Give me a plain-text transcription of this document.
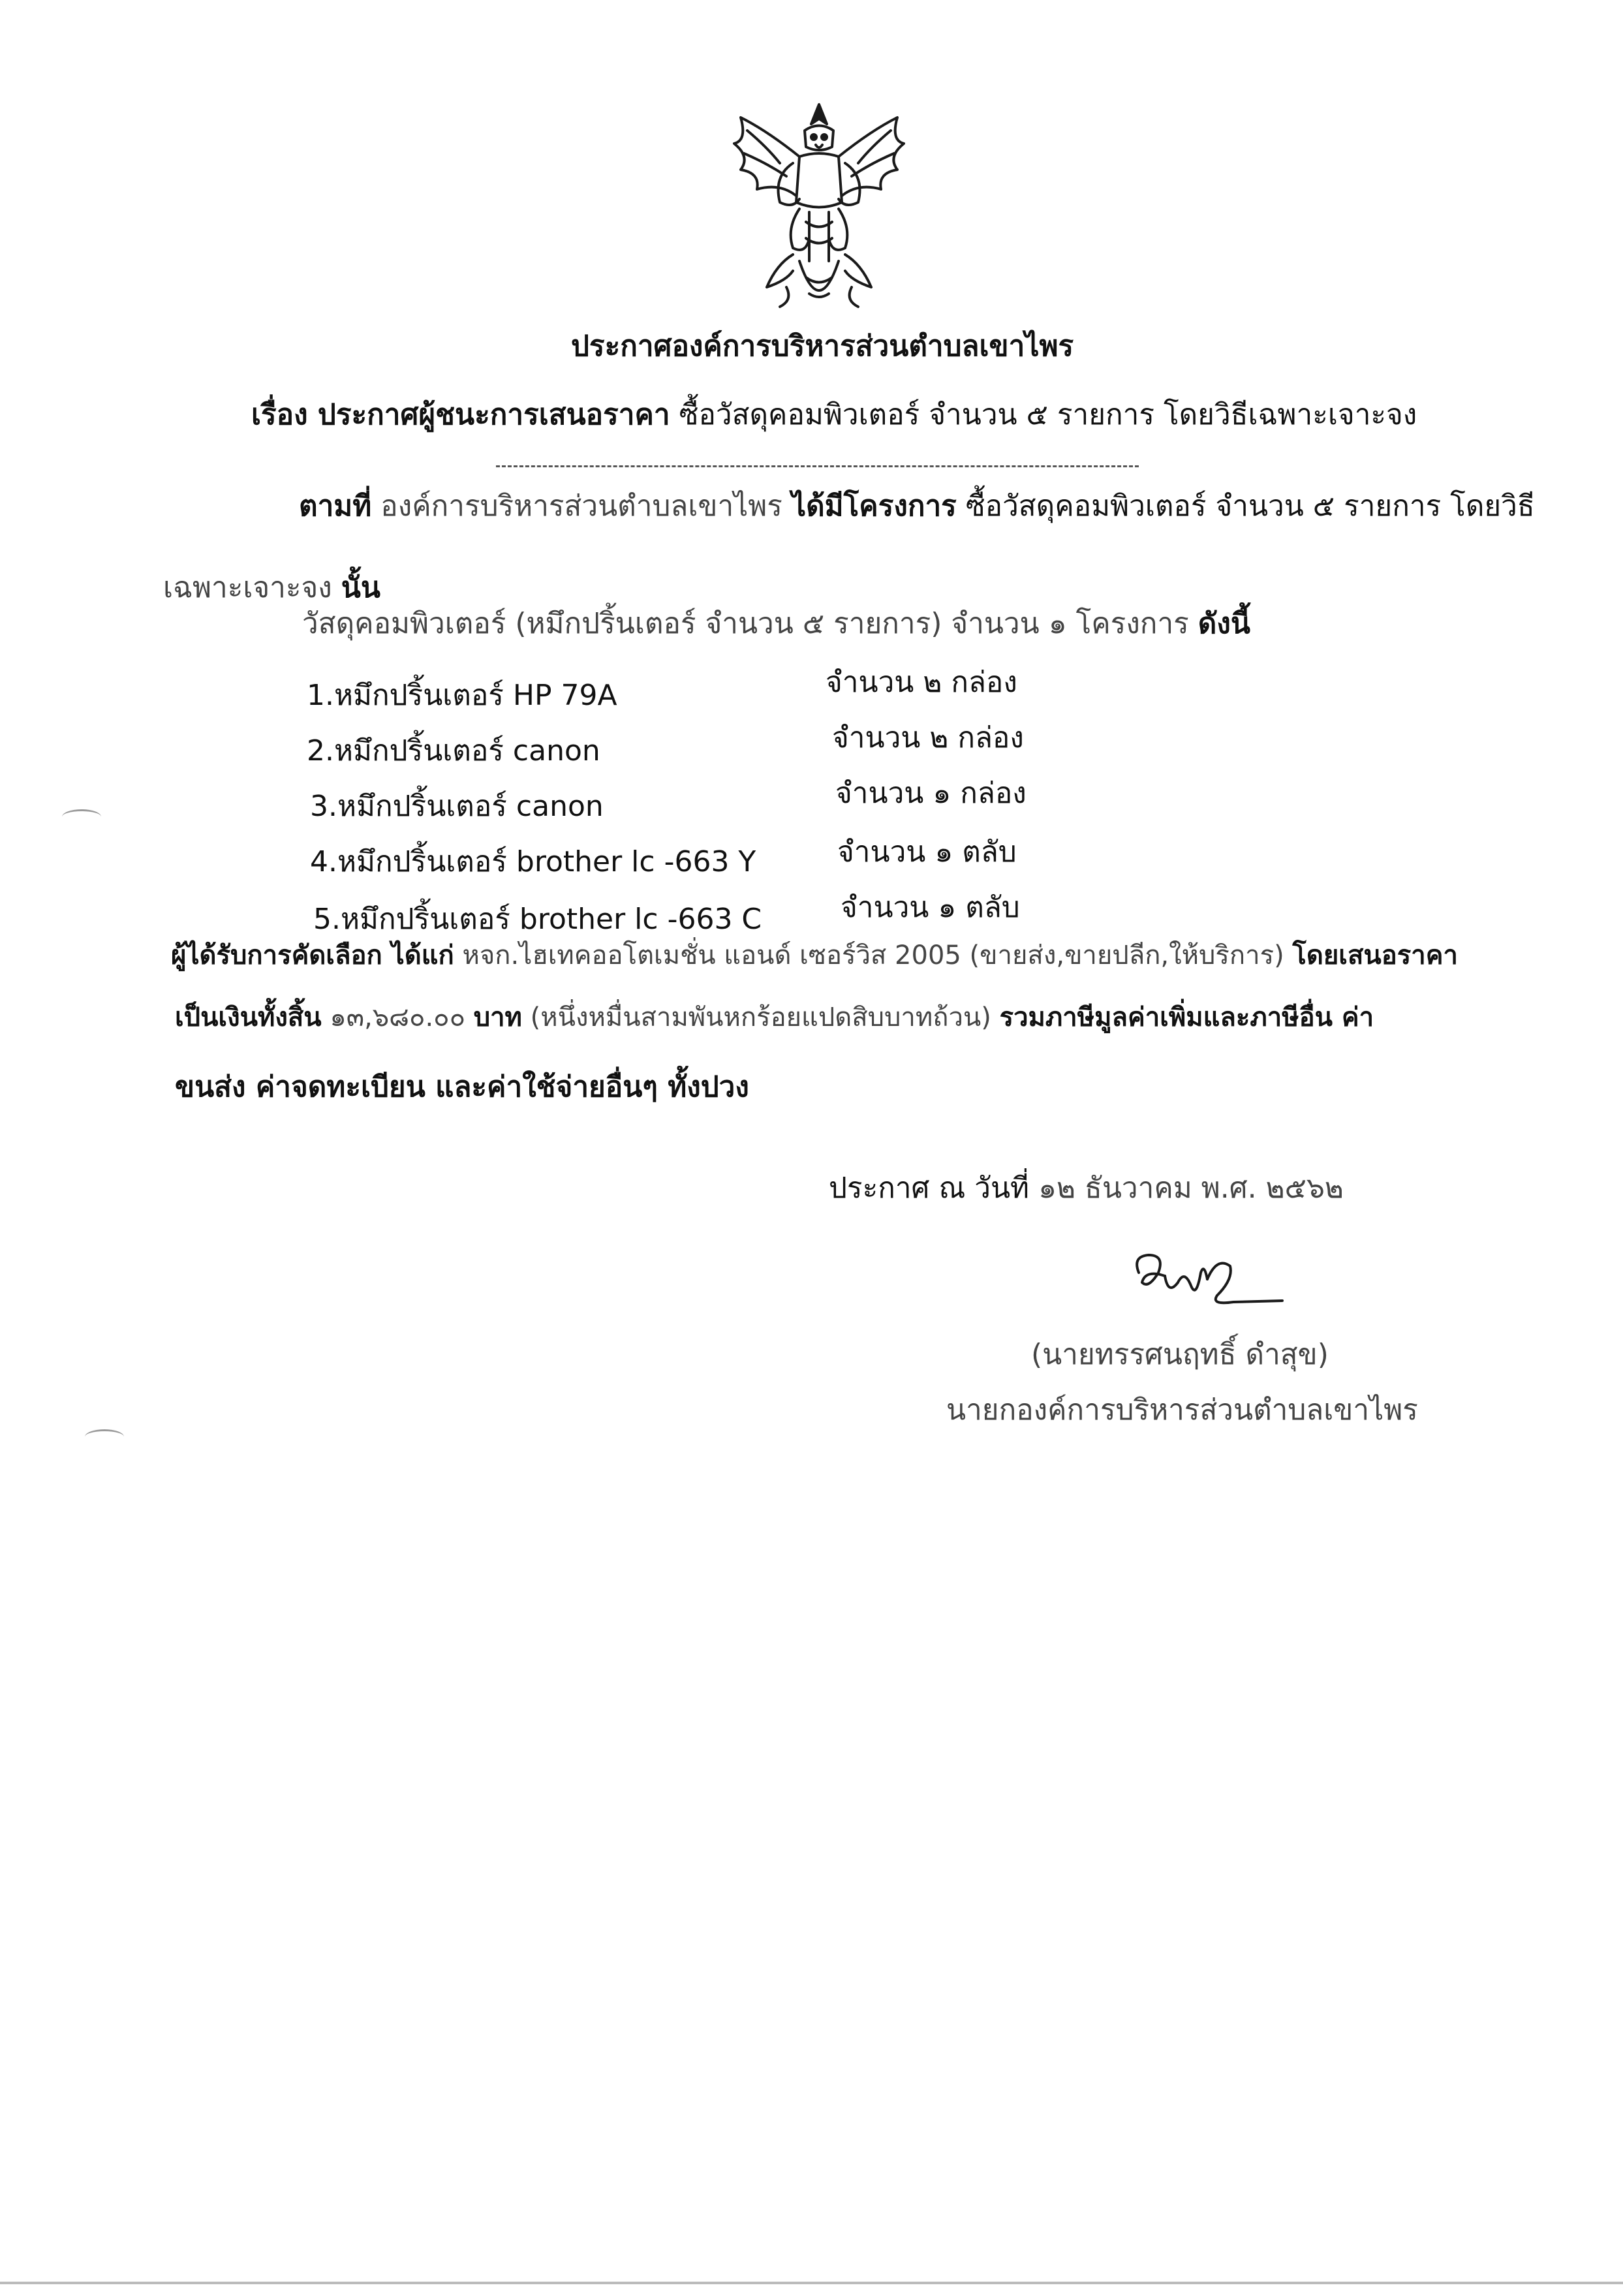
ประกาศองค์การบริหารส่วนตำบลเขาไพร
เรื่อง ประกาศผู้ชนะการเสนอราคา ซื้อวัสดุคอมพิวเตอร์ จำนวน ๕ รายการ โดยวิธีเฉพาะเจาะจง
ตามที่ องค์การบริหารส่วนตำบลเขาไพร ได้มีโครงการ ซื้อวัสดุคอมพิวเตอร์ จำนวน ๕ รายการ โดยวิธี
เฉพาะเจาะจง นั้น
วัสดุคอมพิวเตอร์ (หมึกปริ้นเตอร์ จำนวน ๕ รายการ) จำนวน ๑ โครงการ ดังนี้
1.หมึกปริ้นเตอร์ HP 79A	จำนวน ๒ กล่อง
2.หมึกปริ้นเตอร์ canon	จำนวน ๒ กล่อง
3.หมึกปริ้นเตอร์ canon	จำนวน ๑ กล่อง
4.หมึกปริ้นเตอร์ brother lc -663 Y	จำนวน ๑ ตลับ
5.หมึกปริ้นเตอร์ brother lc -663 C	จำนวน ๑ ตลับ
ผู้ได้รับการคัดเลือก ได้แก่ หจก.ไฮเทคออโตเมชั่น แอนด์ เซอร์วิส 2005 (ขายส่ง,ขายปลีก,ให้บริการ) โดยเสนอราคา
เป็นเงินทั้งสิ้น ๑๓,๖๘๐.๐๐ บาท (หนึ่งหมื่นสามพันหกร้อยแปดสิบบาทถ้วน) รวมภาษีมูลค่าเพิ่มและภาษีอื่น ค่า
ขนส่ง ค่าจดทะเบียน และค่าใช้จ่ายอื่นๆ ทั้งปวง
ประกาศ ณ วันที่ ๑๒ ธันวาคม พ.ศ. ๒๕๖๒
(นายทรรศนฤทธิ์ ดำสุข)
นายกองค์การบริหารส่วนตำบลเขาไพร
